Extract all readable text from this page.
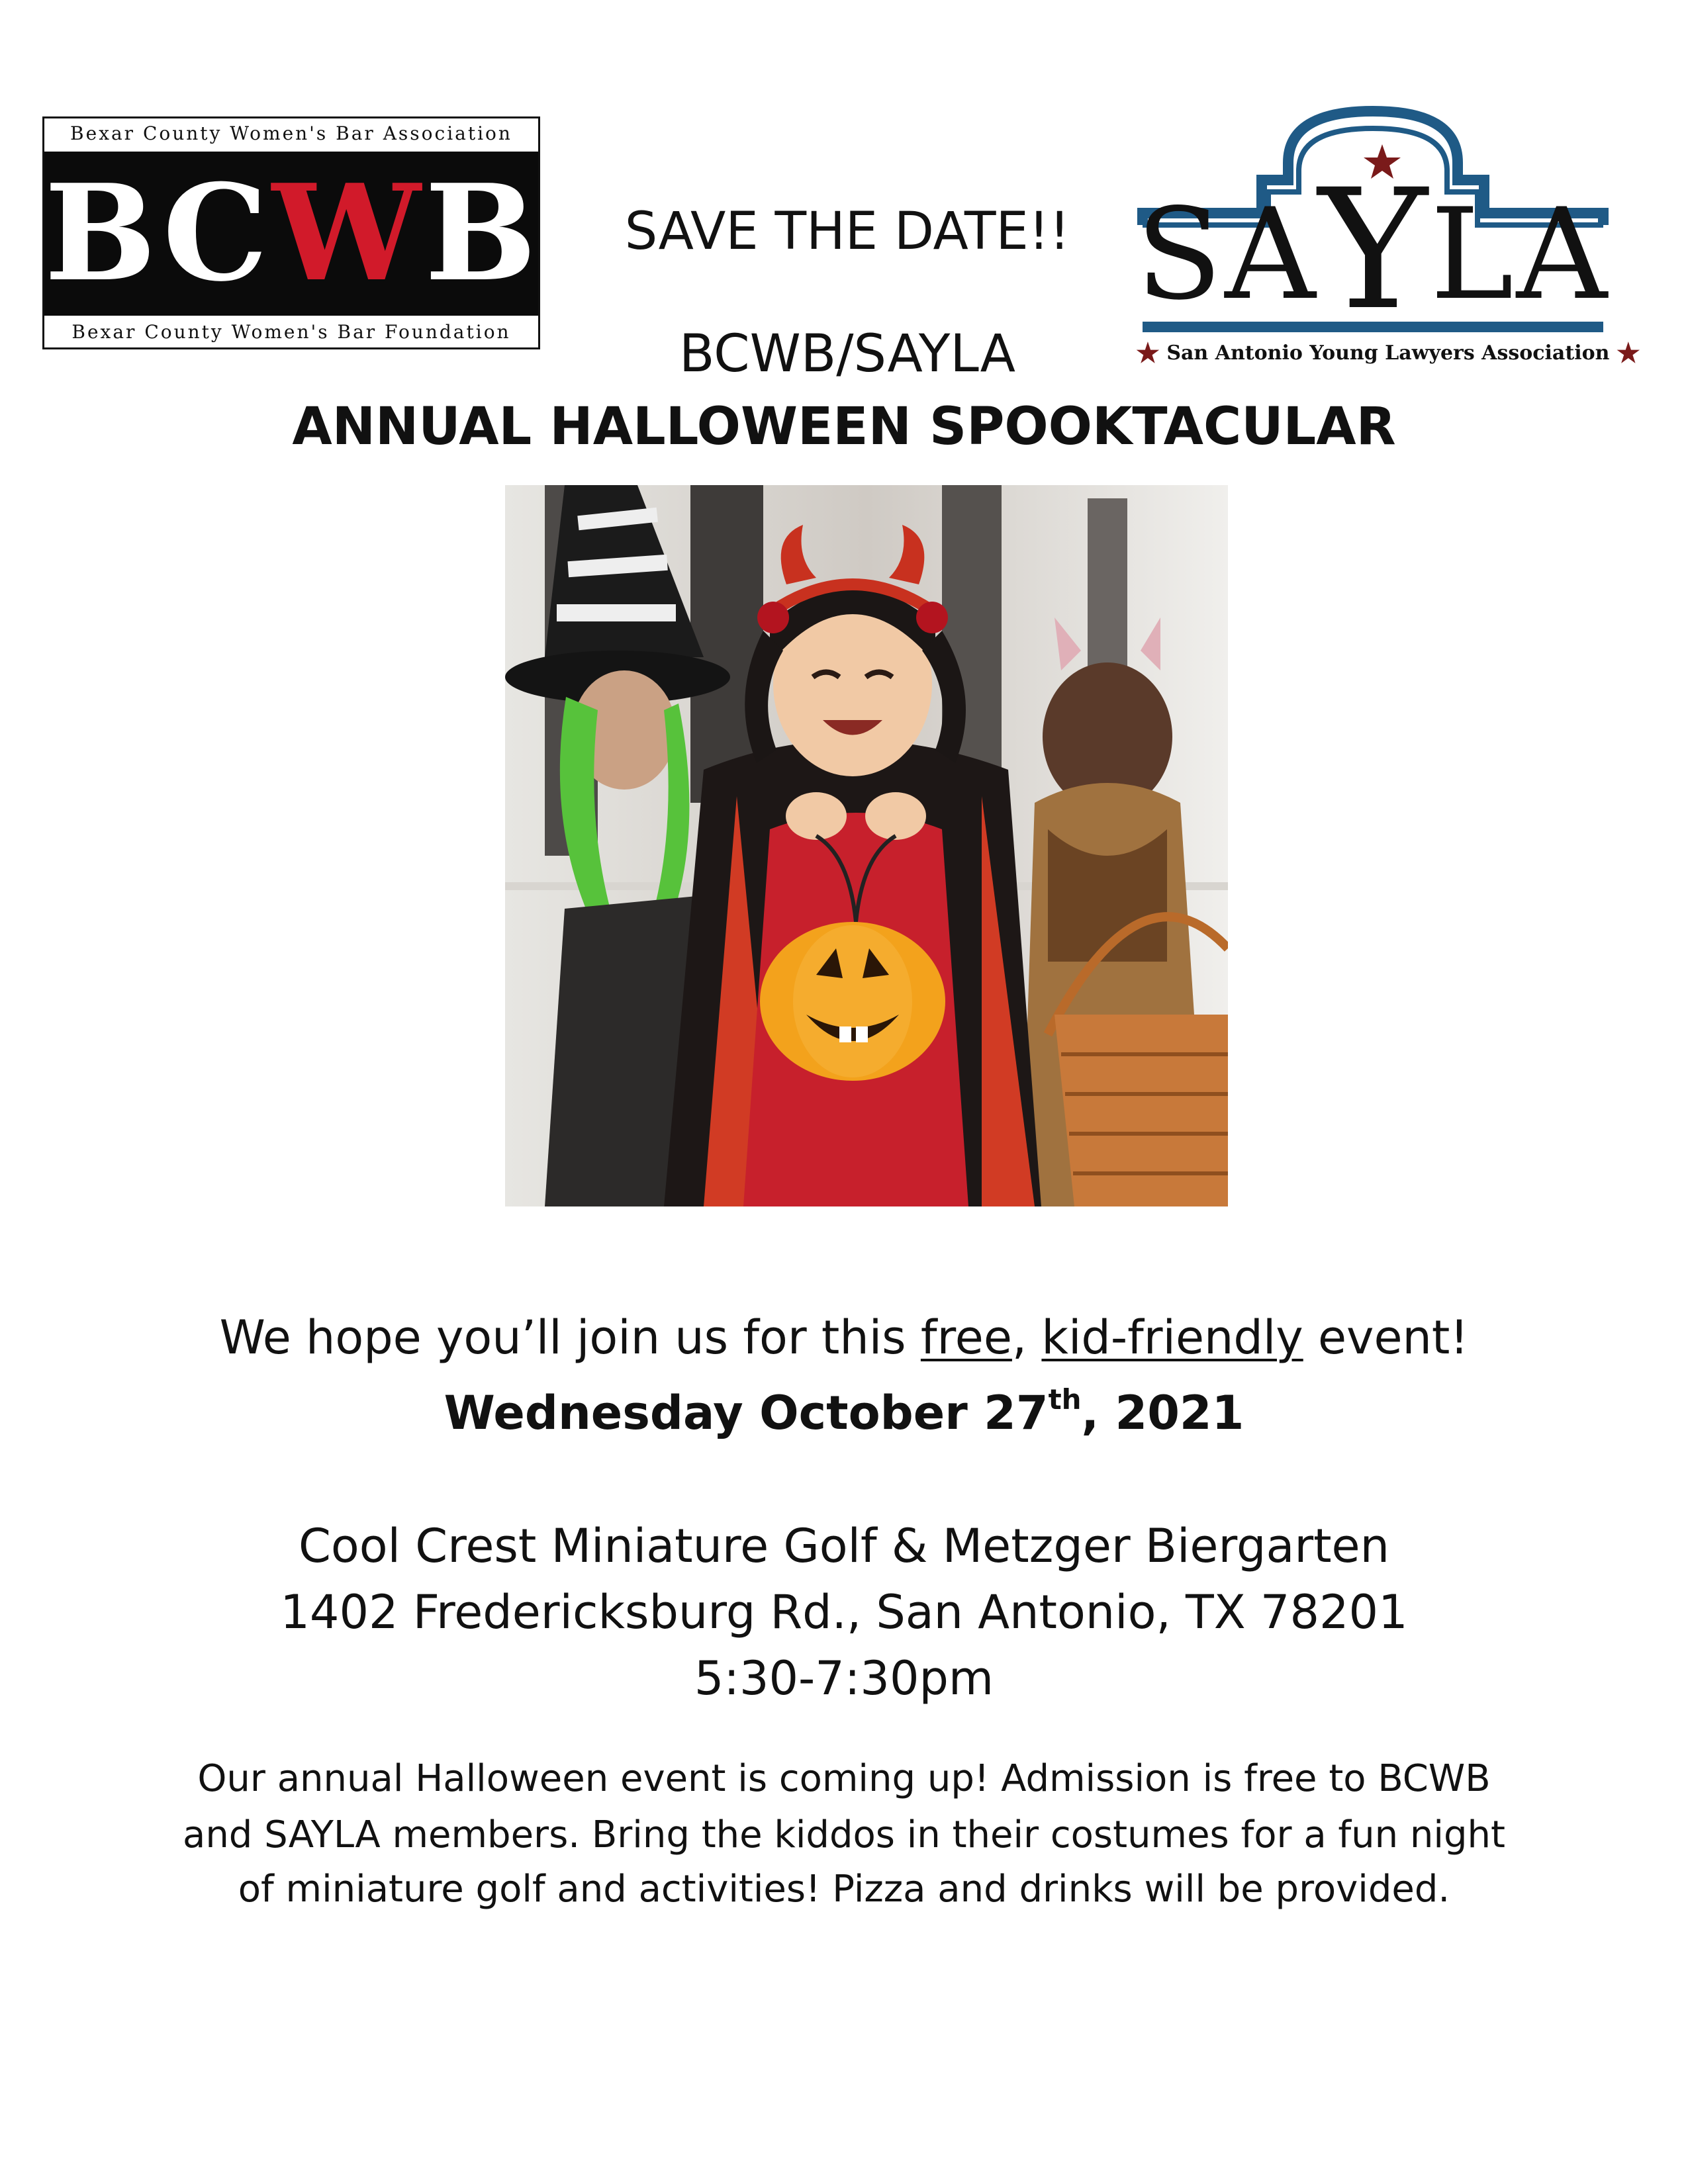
Bexar County Women's Bar Association
BCWB
Bexar County Women's Bar Foundation
SAYLA
★ San Antonio Young Lawyers Association ★
SAVE THE DATE!!
BCWB/SAYLA
ANNUAL HALLOWEEN SPOOKTACULAR
We hope you’ll join us for this free, kid-friendly event!
Wednesday October 27th, 2021
Cool Crest Miniature Golf & Metzger Biergarten
1402 Fredericksburg Rd., San Antonio, TX 78201
5:30-7:30pm
Our annual Halloween event is coming up! Admission is free to BCWB
and SAYLA members. Bring the kiddos in their costumes for a fun night
of miniature golf and activities! Pizza and drinks will be provided.
